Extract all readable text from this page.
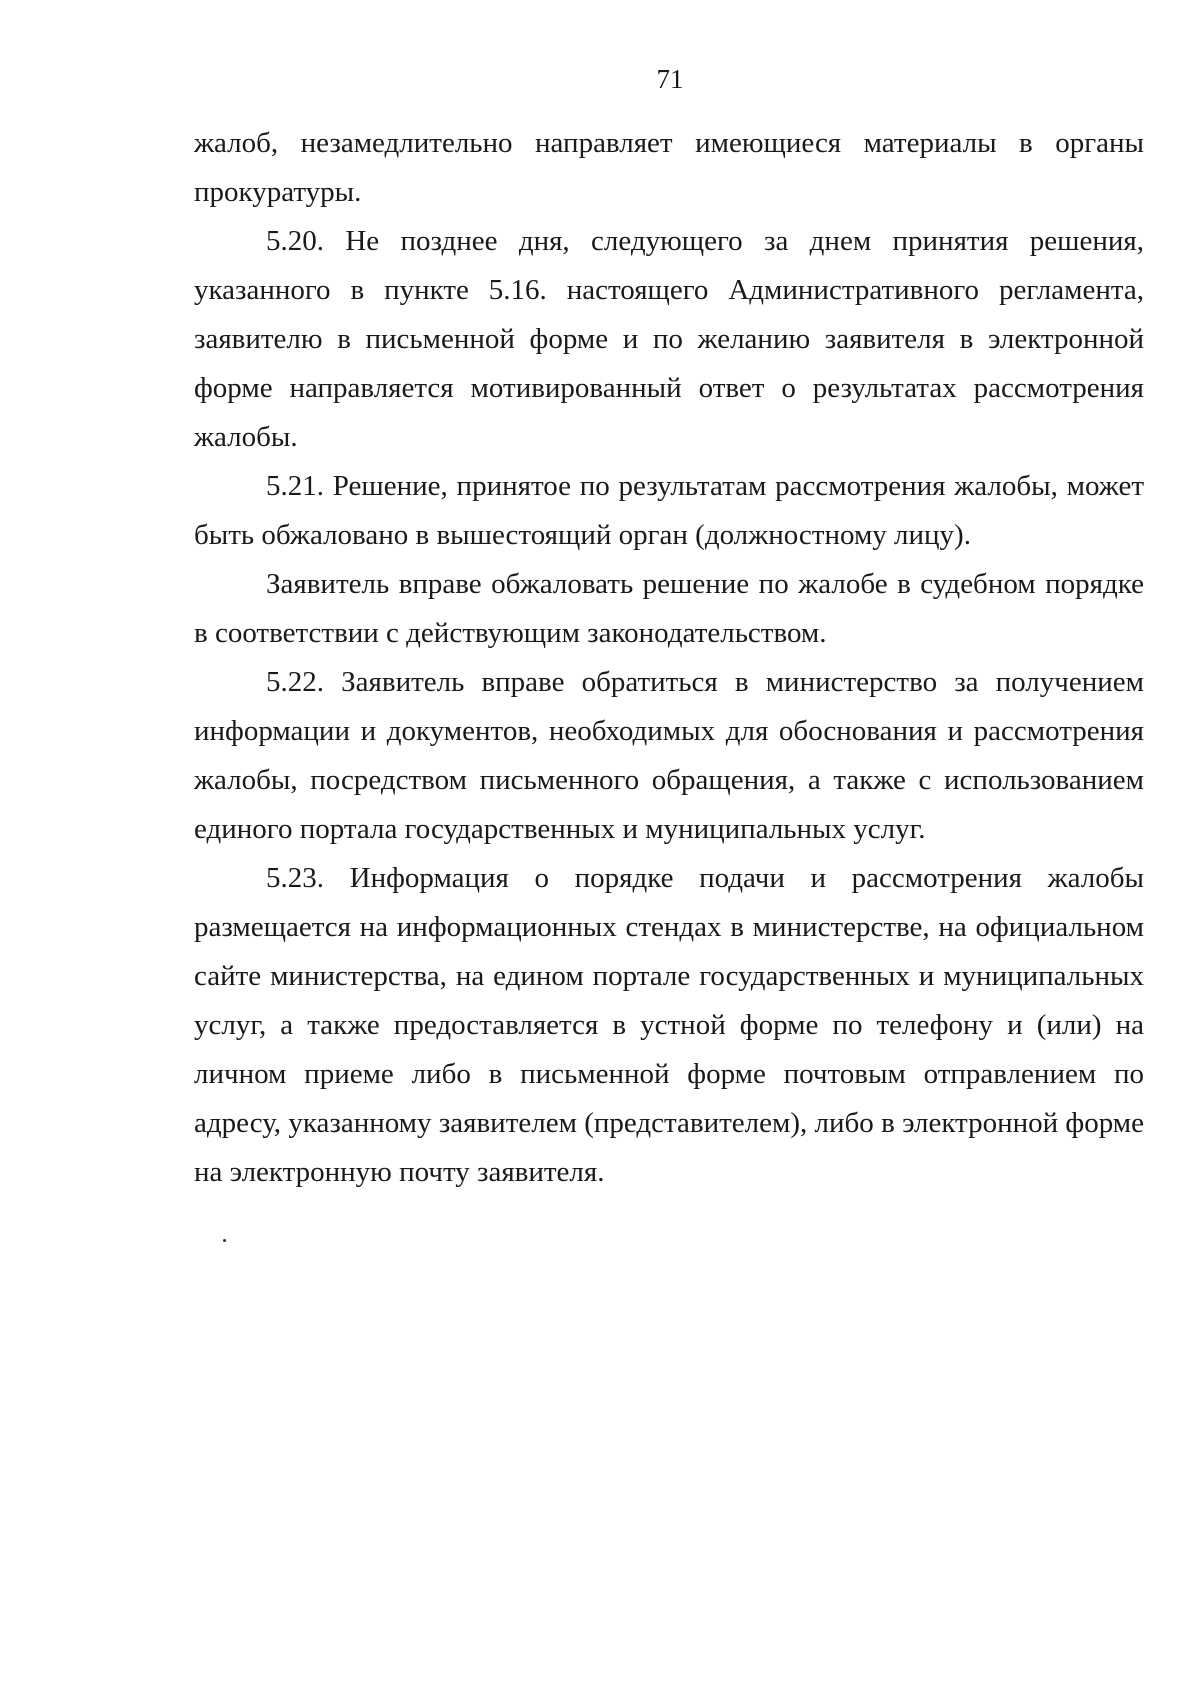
71

жалоб, незамедлительно направляет имеющиеся материалы в органы прокуратуры.

5.20. Не позднее дня, следующего за днем принятия решения, указанного в пункте 5.16. настоящего Административного регламента, заявителю в письменной форме и по желанию заявителя в электронной форме направляется мотивированный ответ о результатах рассмотрения жалобы.

5.21. Решение, принятое по результатам рассмотрения жалобы, может быть обжаловано в вышестоящий орган (должностному лицу).

Заявитель вправе обжаловать решение по жалобе в судебном порядке в соответствии с действующим законодательством.

5.22. Заявитель вправе обратиться в министерство за получением информации и документов, необходимых для обоснования и рассмотрения жалобы, посредством письменного обращения, а также с использованием единого портала государственных и муниципальных услуг.

5.23. Информация о порядке подачи и рассмотрения жалобы размещается на информационных стендах в министерстве, на официальном сайте министерства, на едином портале государственных и муниципальных услуг, а также предоставляется в устной форме по телефону и (или) на личном приеме либо в письменной форме почтовым отправлением по адресу, указанному заявителем (представителем), либо в электронной форме на электронную почту заявителя.
